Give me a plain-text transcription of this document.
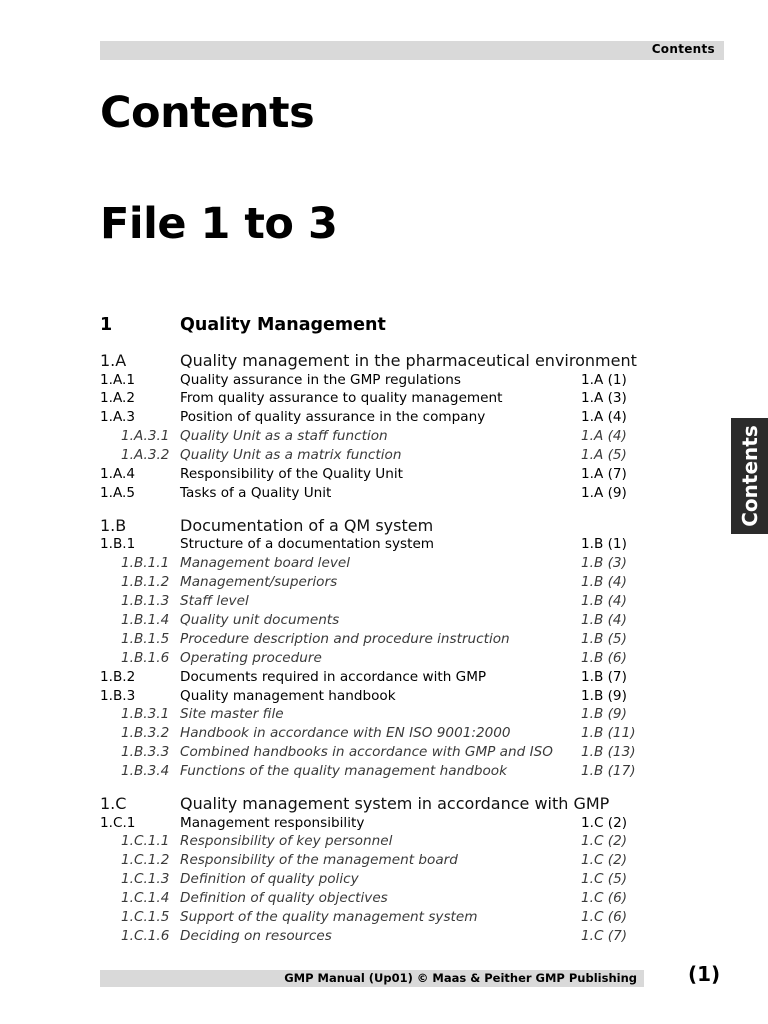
Contents
Contents
File 1 to 3
1	Quality Management
1.A	Quality management in the pharmaceutical environment
1.A.1	Quality assurance in the GMP regulations	1.A (1)
1.A.2	From quality assurance to quality management	1.A (3)
1.A.3	Position of quality assurance in the company	1.A (4)
1.A.3.1 Quality Unit as a staff function	1.A (4)
1.A.3.2 Quality Unit as a matrix function	1.A (5)
1.A.4	Responsibility of the Quality Unit	1.A (7)
1.A.5	Tasks of a Quality Unit	1.A (9)
1.B	Documentation of a QM system
1.B.1	Structure of a documentation system	1.B (1)
1.B.1.1 Management board level	1.B (3)
1.B.1.2 Management/superiors	1.B (4)
1.B.1.3 Staff level	1.B (4)
1.B.1.4 Quality unit documents	1.B (4)
1.B.1.5 Procedure description and procedure instruction	1.B (5)
1.B.1.6 Operating procedure	1.B (6)
1.B.2	Documents required in accordance with GMP	1.B (7)
1.B.3	Quality management handbook	1.B (9)
1.B.3.1 Site master file	1.B (9)
1.B.3.2 Handbook in accordance with EN ISO 9001:2000	1.B (11)
1.B.3.3 Combined handbooks in accordance with GMP and ISO 1.B (13)
1.B.3.4 Functions of the quality management handbook	1.B (17)
1.C	Quality management system in accordance with GMP
1.C.1	Management responsibility	1.C (2)
1.C.1.1 Responsibility of key personnel	1.C (2)
1.C.1.2 Responsibility of the management board	1.C (2)
1.C.1.3 Definition of quality policy	1.C (5)
1.C.1.4 Definition of quality objectives	1.C (6)
1.C.1.5 Support of the quality management system	1.C (6)
1.C.1.6 Deciding on resources	1.C (7)
Contents
GMP Manual (Up01) © Maas & Peither GMP Publishing	(1)
